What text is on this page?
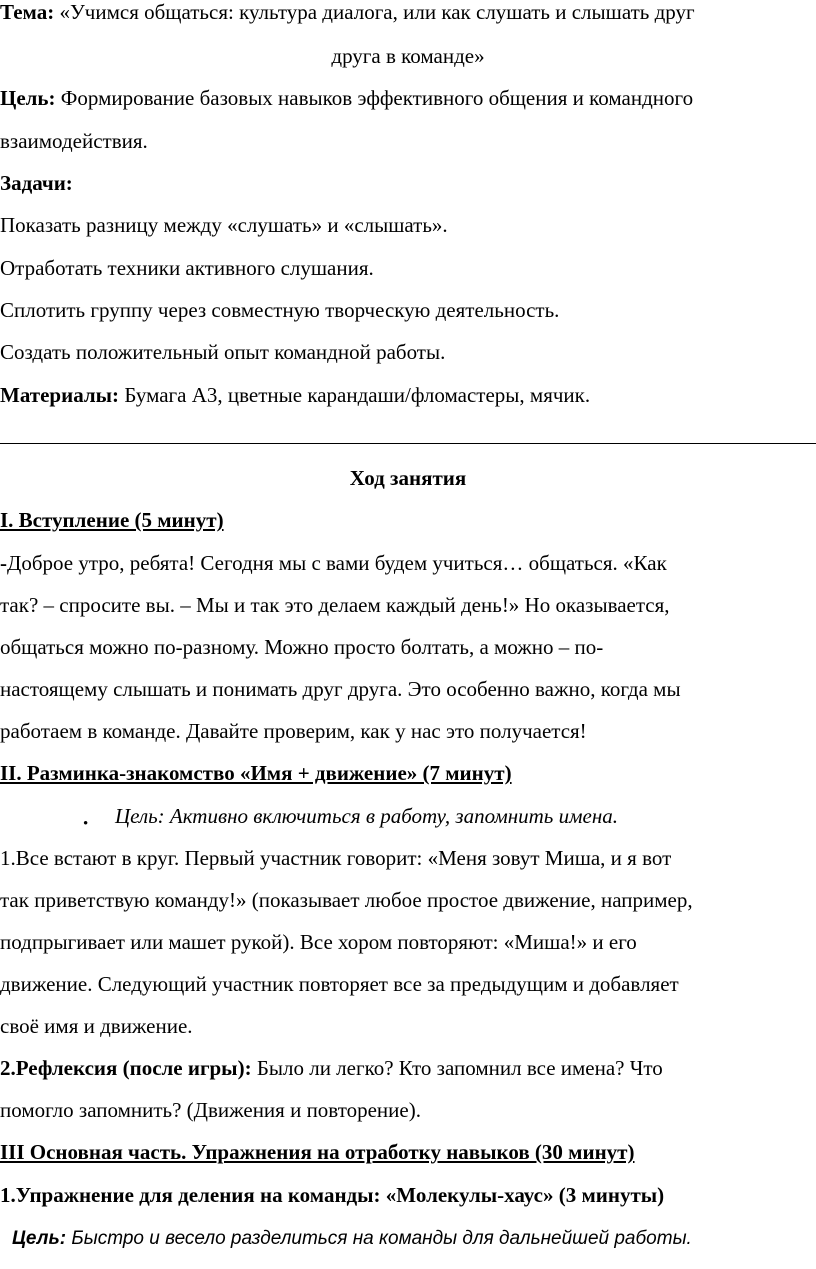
Тема: «Учимся общаться: культура диалога, или как слушать и слышать друг
друга в команде»
Цель: Формирование базовых навыков эффективного общения и командного
взаимодействия.
Задачи:
Показать разницу между «слушать» и «слышать».
Отработать техники активного слушания.
Сплотить группу через совместную творческую деятельность.
Создать положительный опыт командной работы.
Материалы: Бумага А3, цветные карандаши/фломастеры, мячик.
Ход занятия
I. Вступление (5 минут)
-Доброе утро, ребята! Сегодня мы с вами будем учиться… общаться. «Как
так? – спросите вы. – Мы и так это делаем каждый день!» Но оказывается,
общаться можно по-разному. Можно просто болтать, а можно – по-
настоящему слышать и понимать друг друга. Это особенно важно, когда мы
работаем в команде. Давайте проверим, как у нас это получается!
II. Разминка-знакомство «Имя + движение» (7 минут)
• Цель: Активно включиться в работу, запомнить имена.
1.Все встают в круг. Первый участник говорит: «Меня зовут Миша, и я вот
так приветствую команду!» (показывает любое простое движение, например,
подпрыгивает или машет рукой). Все хором повторяют: «Миша!» и его
движение. Следующий участник повторяет все за предыдущим и добавляет
своё имя и движение.
2.Рефлексия (после игры): Было ли легко? Кто запомнил все имена? Что
помогло запомнить? (Движения и повторение).
III Основная часть. Упражнения на отработку навыков (30 минут)
1.Упражнение для деления на команды: «Молекулы-хаус» (3 минуты)
Цель: Быстро и весело разделиться на команды для дальнейшей работы.
